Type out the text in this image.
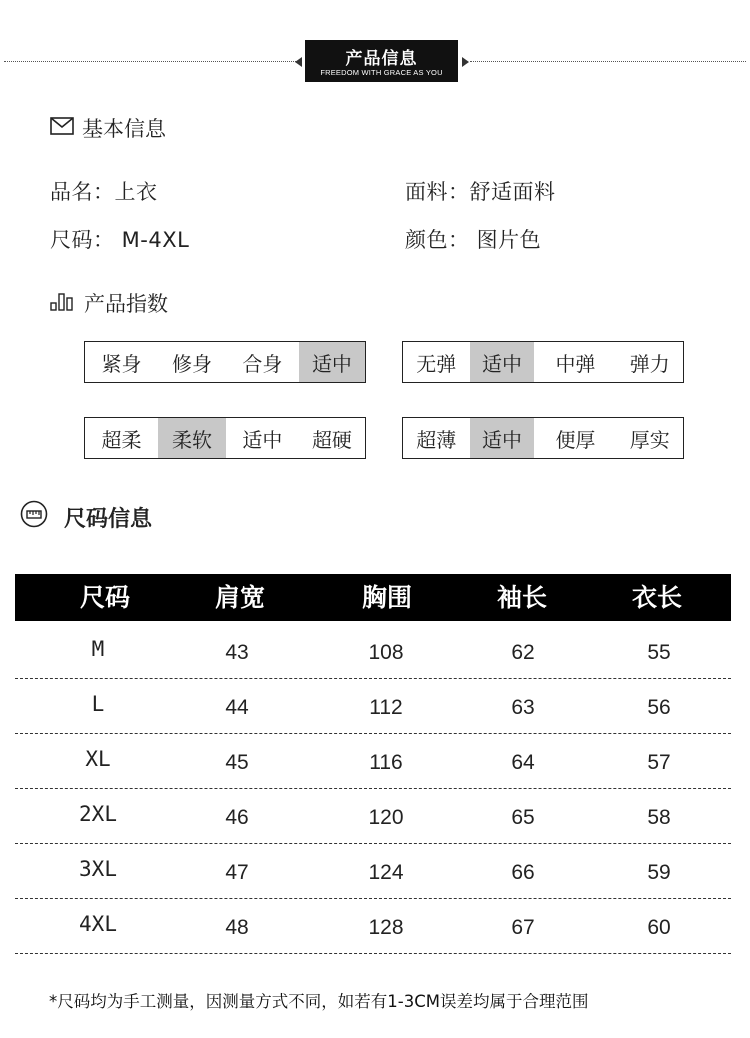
产品信息
FREEDOM WITH GRACE AS YOU
基本信息
品名：上衣	面料：舒适面料
尺码： M-4XL	颜色： 图片色
产品指数
紧身	修身	合身	适中	无弹	适中	中弹	弹力
超柔	柔软	适中	超硬	超薄	适中	便厚	厚实
尺码信息
尺码	肩宽	胸围	袖长	衣长
M	43	108	62	55
L	44	112	63	56
XL	45	116	64	57
2XL	46	120	65	58
3XL	47	124	66	59
4XL	48	128	67	60
*尺码均为手工测量，因测量方式不同，如若有1-3CM误差均属于合理范围
